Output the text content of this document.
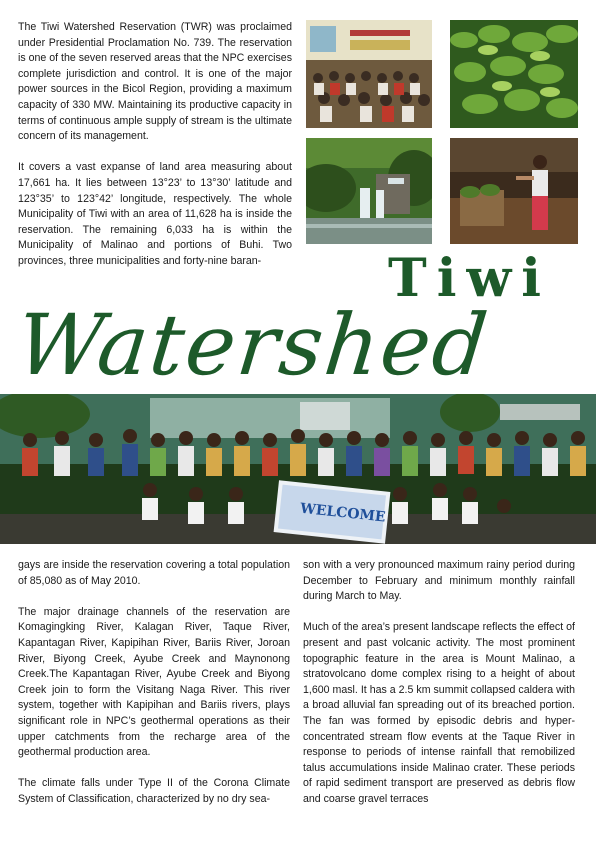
The Tiwi Watershed Reservation (TWR) was proclaimed under Presidential Proclamation No. 739. The reservation is one of the seven reserved areas that the NPC exercises complete jurisdiction and control. It is one of the major power sources in the Bicol Region, providing a maximum capacity of 330 MW. Maintaining its productive capacity in terms of continuous ample supply of stream is the ultimate concern of its management.

It covers a vast expanse of land area measuring about 17,661 ha. It lies between 13°23’ to 13°30’ latitude and 123°35’ to 123°42’ longitude, respectively. The whole Municipality of Tiwi with an area of 11,628 ha is inside the reservation. The remaining 6,033 ha is within the Municipality of Malinao and portions of Buhi. Two provinces, three municipalities and forty-nine baran-	Tiwi
Watershed
WELCOME

gays are inside the reservation covering a total population of 85,080 as of May 2010.

The major drainage channels of the reservation are Komagingking River, Kalagan River, Taque River, Kapantagan River, Kapipihan River, Bariis River, Joroan River, Biyong Creek, Ayube Creek and Maynonong Creek.The Kapantagan River, Ayube Creek and Biyong Creek join to form the Visitang Naga River. This river system, together with Kapipihan and Bariis rivers, plays significant role in NPC’s geothermal operations as their upper catchments from the recharge area of the geothermal production area.

The climate falls under Type II of the Corona Climate System of Classification, characterized by no dry sea-

son with a very pronounced maximum rainy period during December to February and minimum monthly rainfall during March to May.

Much of the area’s present landscape reflects the effect of present and past volcanic activity. The most prominent topographic feature in the area is Mount Malinao, a stratovolcano dome complex rising to a height of about 1,600 masl. It has a 2.5 km summit collapsed caldera with a broad alluvial fan spreading out of its breached portion. The fan was formed by episodic debris and hyper-concentrated stream flow events at the Taque River in response to periods of intense rainfall that remobilized talus accumulations inside Malinao crater. These periods of rapid sediment transport are preserved as debris flow and coarse gravel terraces
